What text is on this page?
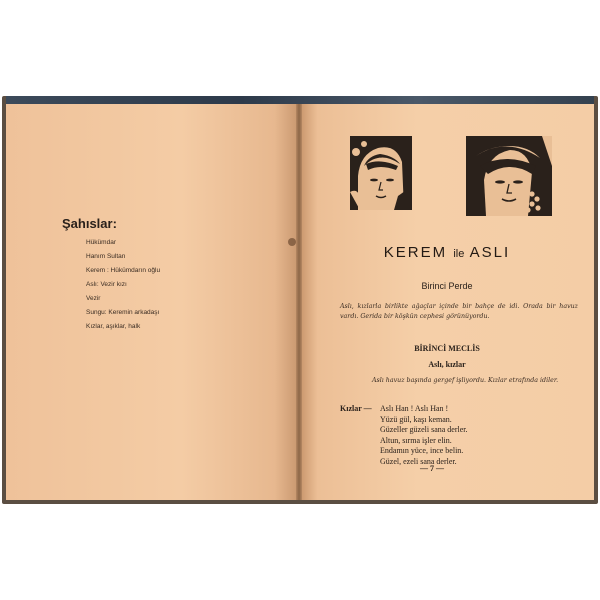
Şahıslar:
Hükümdar
Hanım Sultan
Kerem : Hükümdarın oğlu
Aslı: Vezir kızı
Vezir
Sungu: Keremin arkadaşı
Kızlar, aşıklar, halk
KEREM ile ASLI
Birinci Perde
Aslı, kızlarla birlikte ağaçlar içinde bir bahçe de idi. Orada bir havuz vardı. Gerida bir köşkün cephesi görünüyordu.
BİRİNCİ MECLİS
Aslı, kızlar
Aslı havuz başında gergef işliyordu. Kızlar etrafında idiler.
Kızlar — Aslı Han ! Aslı Han !
Yüzü gül, kaşı keman.
Güzeller güzeli sana derler.
Altun, sırma işler elin.
Endamın yüce, ince belin.
Güzel, ezeli sana derler.
— 7 —
